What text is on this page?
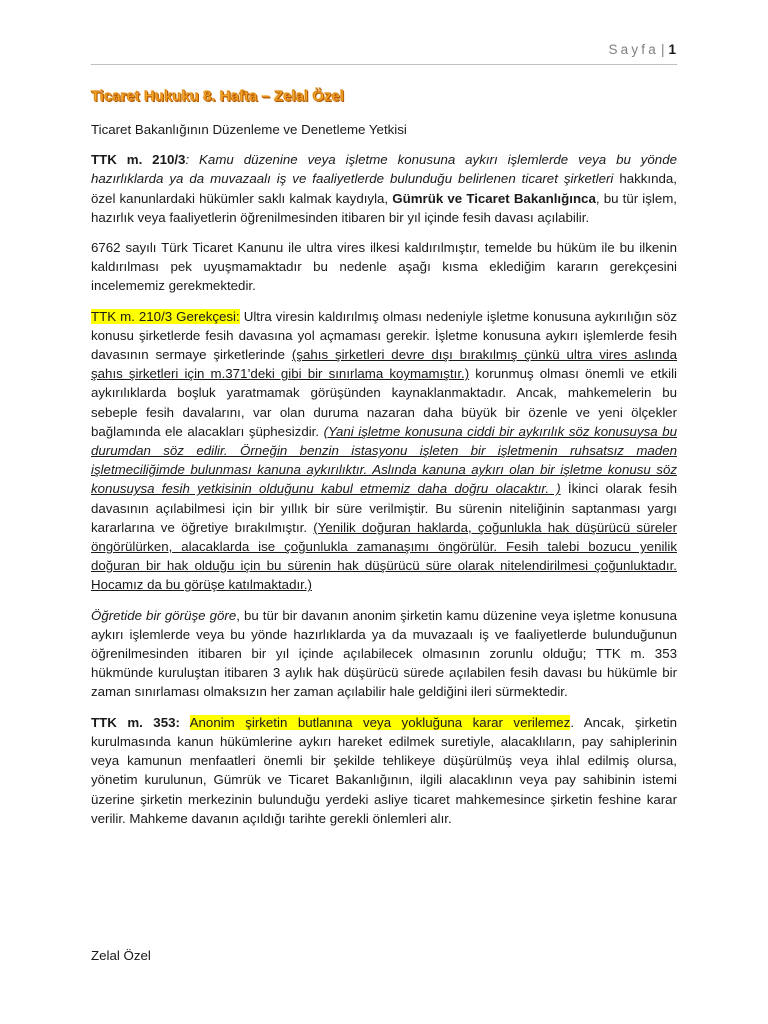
Sayfa | 1
Ticaret Hukuku 8. Hafta – Zelal Özel

Ticaret Bakanlığının Düzenleme ve Denetleme Yetkisi

TTK m. 210/3: Kamu düzenine veya işletme konusuna aykırı işlemlerde veya bu yönde hazırlıklarda ya da muvazaalı iş ve faaliyetlerde bulunduğu belirlenen ticaret şirketleri hakkında, özel kanunlardaki hükümler saklı kalmak kaydıyla, Gümrük ve Ticaret Bakanlığınca, bu tür işlem, hazırlık veya faaliyetlerin öğrenilmesinden itibaren bir yıl içinde fesih davası açılabilir.

6762 sayılı Türk Ticaret Kanunu ile ultra vires ilkesi kaldırılmıştır, temelde bu hüküm ile bu ilkenin kaldırılması pek uyuşmamaktadır bu nedenle aşağı kısma eklediğim kararın gerekçesini incelememiz gerekmektedir.

TTK m. 210/3 Gerekçesi: Ultra viresin kaldırılmış olması nedeniyle işletme konusuna aykırılığın söz konusu şirketlerde fesih davasına yol açmaması gerekir. İşletme konusuna aykırı işlemlerde fesih davasının sermaye şirketlerinde (şahıs şirketleri devre dışı bırakılmış çünkü ultra vires aslında şahıs şirketleri için m.371’deki gibi bir sınırlama koymamıştır.) korunmuş olması önemli ve etkili aykırılıklarda boşluk yaratmamak görüşünden kaynaklanmaktadır. Ancak, mahkemelerin bu sebeple fesih davalarını, var olan duruma nazaran daha büyük bir özenle ve yeni ölçekler bağlamında ele alacakları şüphesizdir. (Yani işletme konusuna ciddi bir aykırılık söz konusuysa bu durumdan söz edilir. Örneğin benzin istasyonu işleten bir işletmenin ruhsatsız maden işletmeciliğimde bulunması kanuna aykırılıktır. Aslında kanuna aykırı olan bir işletme konusu söz konusuysa fesih yetkisinin olduğunu kabul etmemiz daha doğru olacaktır. ) İkinci olarak fesih davasının açılabilmesi için bir yıllık bir süre verilmiştir. Bu sürenin niteliğinin saptanması yargı kararlarına ve öğretiye bırakılmıştır. (Yenilik doğuran haklarda, çoğunlukla hak düşürücü süreler öngörülürken, alacaklarda ise çoğunlukla zamanaşımı öngörülür. Fesih talebi bozucu yenilik doğuran bir hak olduğu için bu sürenin hak düşürücü süre olarak nitelendirilmesi çoğunluktadır. Hocamız da bu görüşe katılmaktadır.)

Öğretide bir görüşe göre, bu tür bir davanın anonim şirketin kamu düzenine veya işletme konusuna aykırı işlemlerde veya bu yönde hazırlıklarda ya da muvazaalı iş ve faaliyetlerde bulunduğunun öğrenilmesinden itibaren bir yıl içinde açılabilecek olmasının zorunlu olduğu; TTK m. 353 hükmünde kuruluştan itibaren 3 aylık hak düşürücü sürede açılabilen fesih davası bu hükümle bir zaman sınırlaması olmaksızın her zaman açılabilir hale geldiğini ileri sürmektedir.

TTK m. 353: Anonim şirketin butlanına veya yokluğuna karar verilemez. Ancak, şirketin kurulmasında kanun hükümlerine aykırı hareket edilmek suretiyle, alacaklıların, pay sahiplerinin veya kamunun menfaatleri önemli bir şekilde tehlikeye düşürülmüş veya ihlal edilmiş olursa, yönetim kurulunun, Gümrük ve Ticaret Bakanlığının, ilgili alacaklının veya pay sahibinin istemi üzerine şirketin merkezinin bulunduğu yerdeki asliye ticaret mahkemesince şirketin feshine karar verilir. Mahkeme davanın açıldığı tarihte gerekli önlemleri alır.

Zelal Özel
